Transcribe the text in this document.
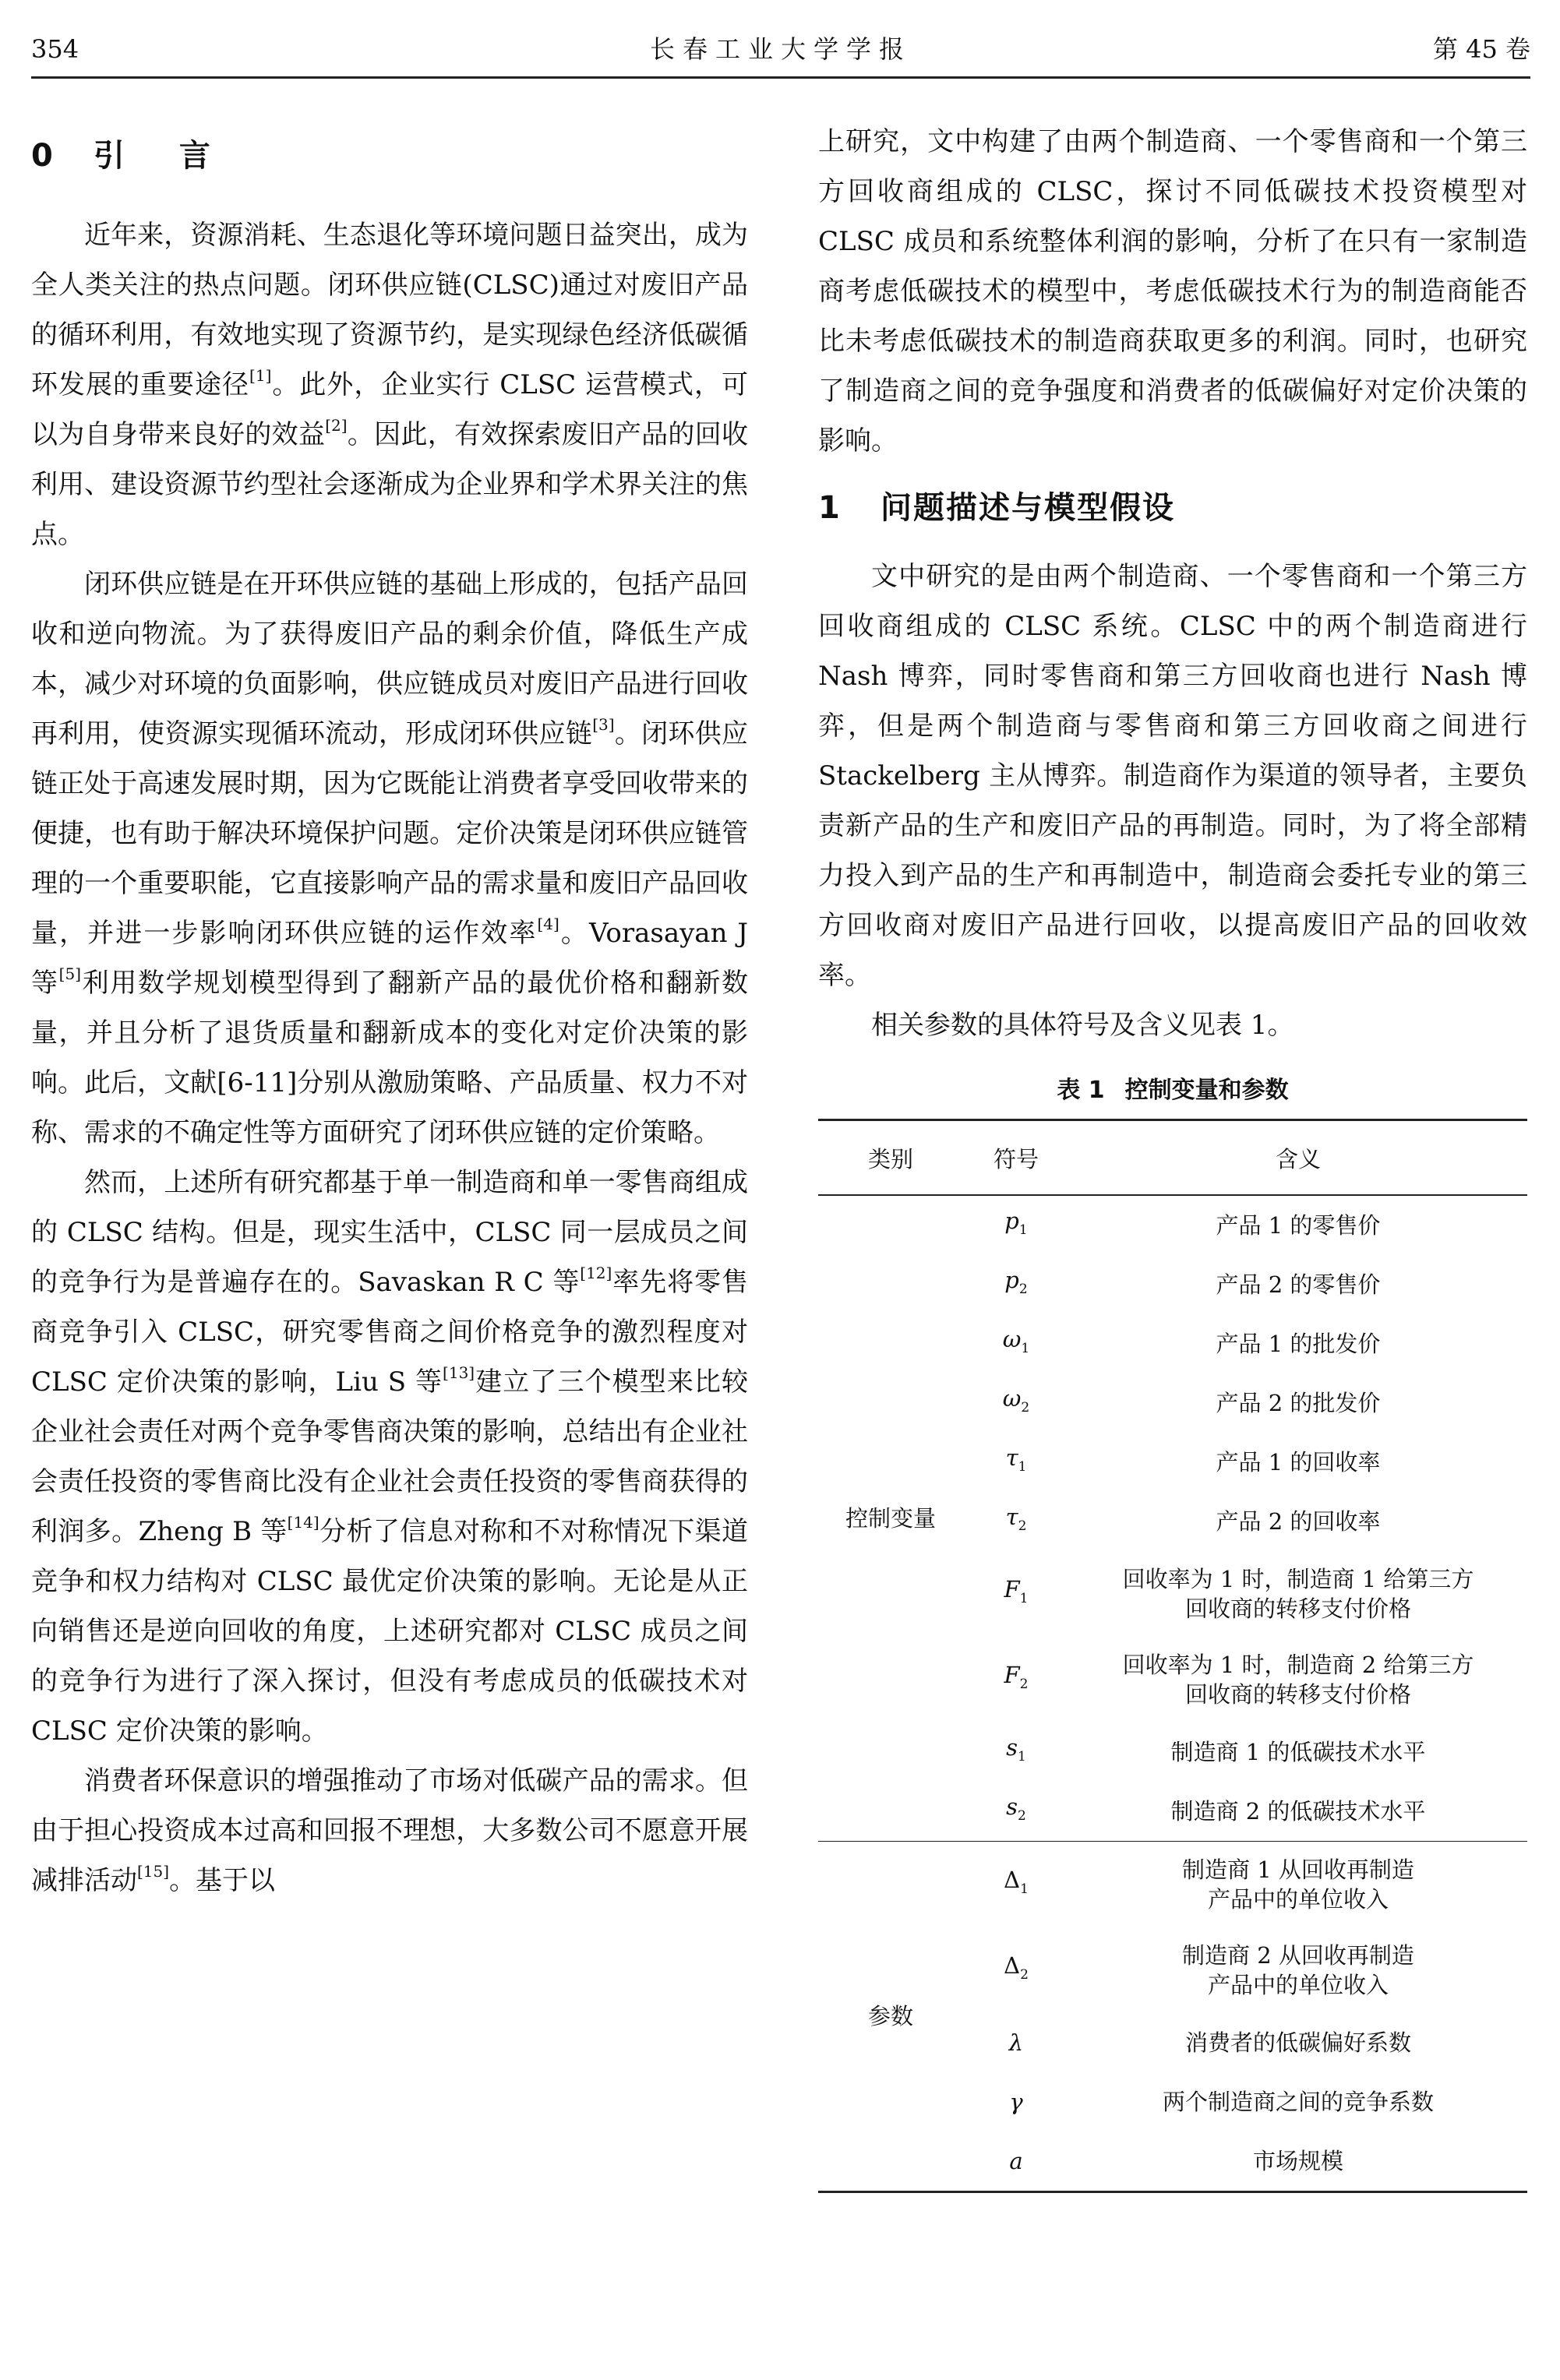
354	长春工业大学学报	第 45 卷
0 引 言

近年来，资源消耗、生态退化等环境问题日益突出，成为全人类关注的热点问题。闭环供应链(CLSC)通过对废旧产品的循环利用，有效地实现了资源节约，是实现绿色经济低碳循环发展的重要途径[1]。此外，企业实行 CLSC 运营模式，可以为自身带来良好的效益[2]。因此，有效探索废旧产品的回收利用、建设资源节约型社会逐渐成为企业界和学术界关注的焦点。

闭环供应链是在开环供应链的基础上形成的，包括产品回收和逆向物流。为了获得废旧产品的剩余价值，降低生产成本，减少对环境的负面影响，供应链成员对废旧产品进行回收再利用，使资源实现循环流动，形成闭环供应链[3]。闭环供应链正处于高速发展时期，因为它既能让消费者享受回收带来的便捷，也有助于解决环境保护问题。定价决策是闭环供应链管理的一个重要职能，它直接影响产品的需求量和废旧产品回收量，并进一步影响闭环供应链的运作效率[4]。Vorasayan J 等[5]利用数学规划模型得到了翻新产品的最优价格和翻新数量，并且分析了退货质量和翻新成本的变化对定价决策的影响。此后，文献[6-11]分别从激励策略、产品质量、权力不对称、需求的不确定性等方面研究了闭环供应链的定价策略。

然而，上述所有研究都基于单一制造商和单一零售商组成的 CLSC 结构。但是，现实生活中，CLSC 同一层成员之间的竞争行为是普遍存在的。Savaskan R C 等[12]率先将零售商竞争引入 CLSC，研究零售商之间价格竞争的激烈程度对 CLSC 定价决策的影响，Liu S 等[13]建立了三个模型来比较企业社会责任对两个竞争零售商决策的影响，总结出有企业社会责任投资的零售商比没有企业社会责任投资的零售商获得的利润多。Zheng B 等[14]分析了信息对称和不对称情况下渠道竞争和权力结构对 CLSC 最优定价决策的影响。无论是从正向销售还是逆向回收的角度，上述研究都对 CLSC 成员之间的竞争行为进行了深入探讨，但没有考虑成员的低碳技术对 CLSC 定价决策的影响。

消费者环保意识的增强推动了市场对低碳产品的需求。但由于担心投资成本过高和回报不理想，大多数公司不愿意开展减排活动[15]。基于以

上研究，文中构建了由两个制造商、一个零售商和一个第三方回收商组成的 CLSC，探讨不同低碳技术投资模型对 CLSC 成员和系统整体利润的影响，分析了在只有一家制造商考虑低碳技术的模型中，考虑低碳技术行为的制造商能否比未考虑低碳技术的制造商获取更多的利润。同时，也研究了制造商之间的竞争强度和消费者的低碳偏好对定价决策的影响。

1 问题描述与模型假设

文中研究的是由两个制造商、一个零售商和一个第三方回收商组成的 CLSC 系统。CLSC 中的两个制造商进行 Nash 博弈，同时零售商和第三方回收商也进行 Nash 博弈，但是两个制造商与零售商和第三方回收商之间进行 Stackelberg 主从博弈。制造商作为渠道的领导者，主要负责新产品的生产和废旧产品的再制造。同时，为了将全部精力投入到产品的生产和再制造中，制造商会委托专业的第三方回收商对废旧产品进行回收，以提高废旧产品的回收效率。

相关参数的具体符号及含义见表 1。

表 1 控制变量和参数
类别	符号	含义
控制变量	$p_1$	产品 1 的零售价
	$p_2$	产品 2 的零售价
	$\omega_1$	产品 1 的批发价
	$\omega_2$	产品 2 的批发价
	$\tau_1$	产品 1 的回收率
	$\tau_2$	产品 2 的回收率
	$F_1$	回收率为 1 时，制造商 1 给第三方
回收商的转移支付价格

	$F_2$	回收率为 1 时，制造商 2 给第三方
回收商的转移支付价格

	$s_1$	制造商 1 的低碳技术水平
	$s_2$	制造商 2 的低碳技术水平
参数	$\Delta_1$	制造商 1 从回收再制造
产品中的单位收入

	$\Delta_2$	制造商 2 从回收再制造
产品中的单位收入

	λ	消费者的低碳偏好系数
	γ	两个制造商之间的竞争系数
	a	市场规模
